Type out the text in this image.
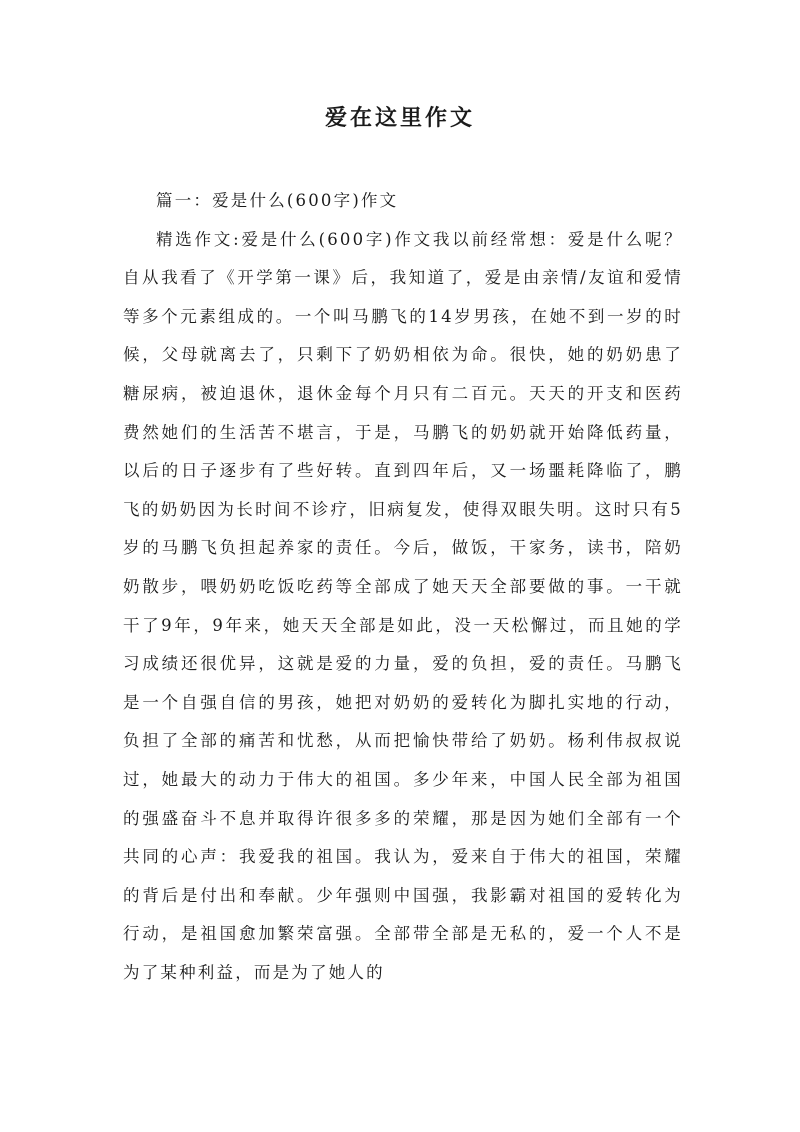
爱在这里作文

篇一：爱是什么(600字)作文

精选作文:爱是什么(600字)作文我以前经常想：爱是什么呢？自从我看了《开学第一课》后，我知道了，爱是由亲情/友谊和爱情等多个元素组成的。一个叫马鹏飞的14岁男孩，在她不到一岁的时候，父母就离去了，只剩下了奶奶相依为命。很快，她的奶奶患了糖尿病，被迫退休，退休金每个月只有二百元。天天的开支和医药费然她们的生活苦不堪言，于是，马鹏飞的奶奶就开始降低药量，以后的日子逐步有了些好转。直到四年后，又一场噩耗降临了，鹏飞的奶奶因为长时间不诊疗，旧病复发，使得双眼失明。这时只有5岁的马鹏飞负担起养家的责任。今后，做饭，干家务，读书，陪奶奶散步，喂奶奶吃饭吃药等全部成了她天天全部要做的事。一干就干了9年，9年来，她天天全部是如此，没一天松懈过，而且她的学习成绩还很优异，这就是爱的力量，爱的负担，爱的责任。马鹏飞是一个自强自信的男孩，她把对奶奶的爱转化为脚扎实地的行动，负担了全部的痛苦和忧愁，从而把愉快带给了奶奶。杨利伟叔叔说过，她最大的动力于伟大的祖国。多少年来，中国人民全部为祖国的强盛奋斗不息并取得许很多多的荣耀，那是因为她们全部有一个共同的心声：我爱我的祖国。我认为，爱来自于伟大的祖国，荣耀的背后是付出和奉献。少年强则中国强，我影霸对祖国的爱转化为行动，是祖国愈加繁荣富强。全部带全部是无私的，爱一个人不是为了某种利益，而是为了她人的
